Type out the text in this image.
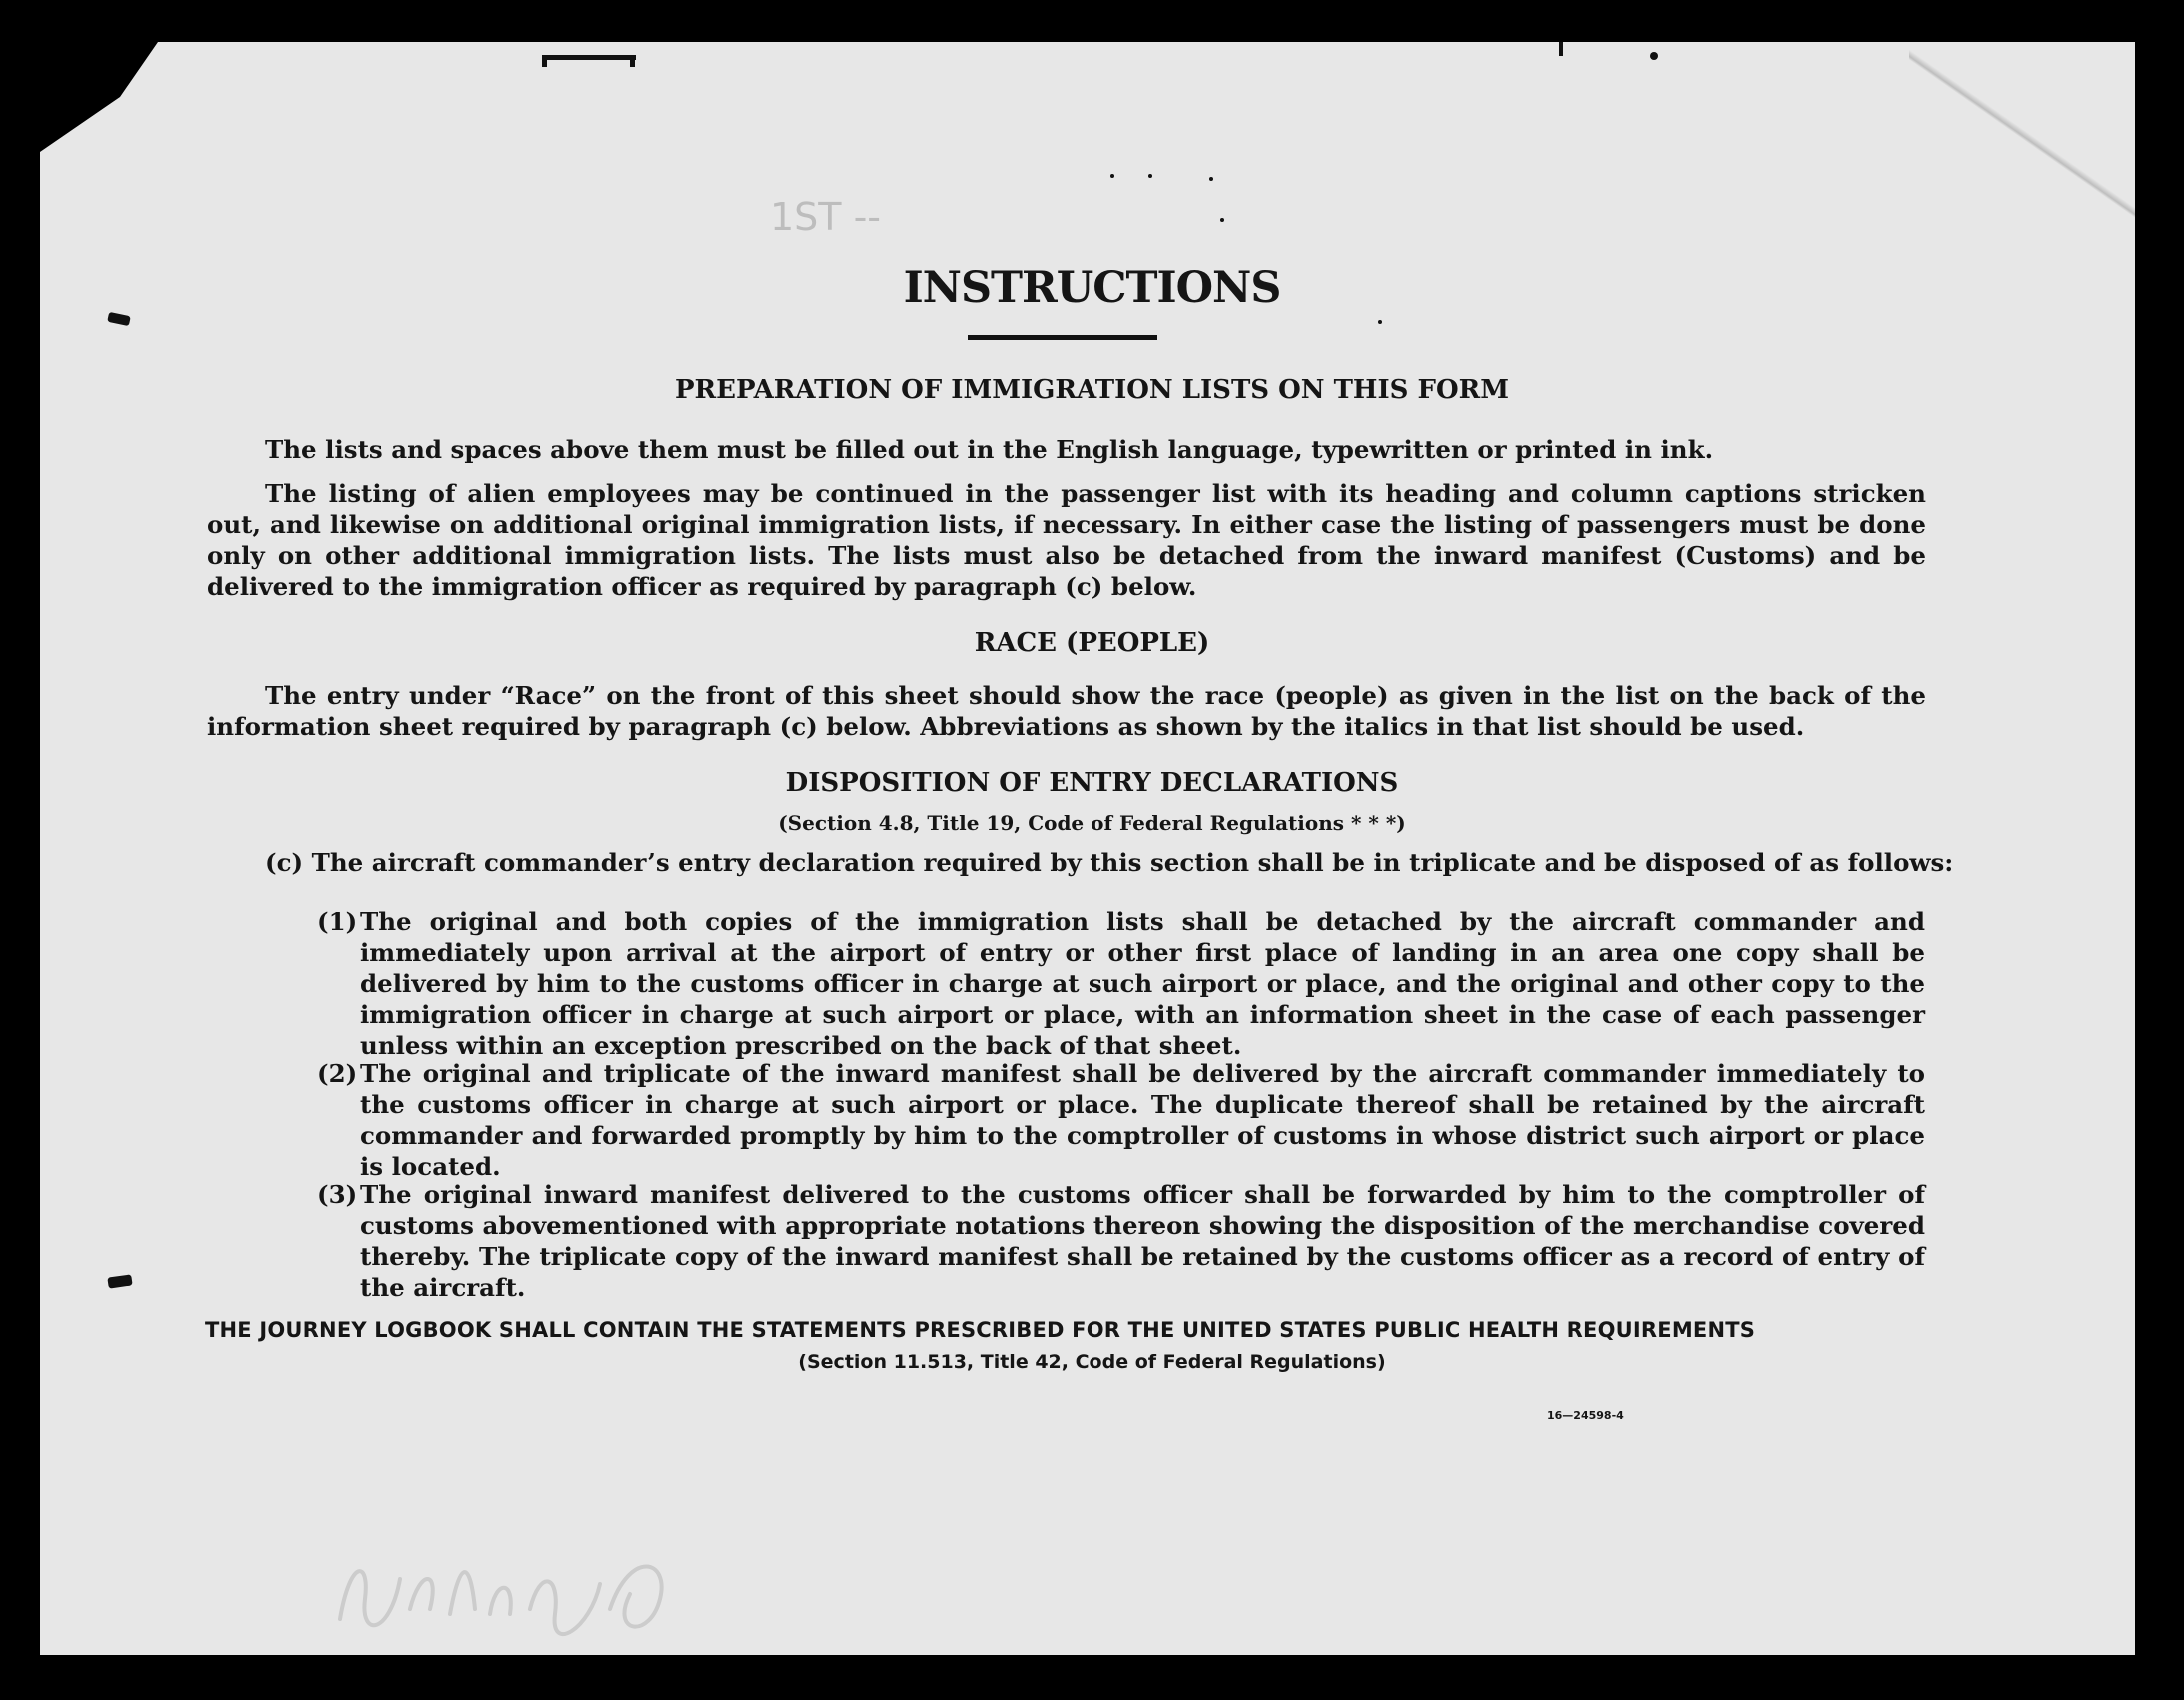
1ST --
INSTRUCTIONS
PREPARATION OF IMMIGRATION LISTS ON THIS FORM

The lists and spaces above them must be filled out in the English language, typewritten or printed in ink.

The listing of alien employees may be continued in the passenger list with its heading and column captions stricken out, and likewise on additional original immigration lists, if necessary. In either case the listing of passengers must be done only on other additional immigration lists. The lists must also be detached from the inward manifest (Customs) and be delivered to the immigration officer as required by paragraph (c) below.

RACE (PEOPLE)

The entry under “Race” on the front of this sheet should show the race (people) as given in the list on the back of the information sheet required by paragraph (c) below. Abbreviations as shown by the italics in that list should be used.

DISPOSITION OF ENTRY DECLARATIONS
(Section 4.8, Title 19, Code of Federal Regulations * * *)

(c) The aircraft commander’s entry declaration required by this section shall be in triplicate and be disposed of as follows:

(1) The original and both copies of the immigration lists shall be detached by the aircraft commander and immediately upon arrival at the airport of entry or other first place of landing in an area one copy shall be delivered by him to the customs officer in charge at such airport or place, and the original and other copy to the immigration officer in charge at such airport or place, with an information sheet in the case of each passenger unless within an exception prescribed on the back of that sheet.
(2) The original and triplicate of the inward manifest shall be delivered by the aircraft commander immediately to the customs officer in charge at such airport or place. The duplicate thereof shall be retained by the aircraft commander and forwarded promptly by him to the comptroller of customs in whose district such airport or place is located.
(3) The original inward manifest delivered to the customs officer shall be forwarded by him to the comptroller of customs abovementioned with appropriate notations thereon showing the disposition of the merchandise covered thereby. The triplicate copy of the inward manifest shall be retained by the customs officer as a record of entry of the aircraft.
THE JOURNEY LOGBOOK SHALL CONTAIN THE STATEMENTS PRESCRIBED FOR THE UNITED STATES PUBLIC HEALTH REQUIREMENTS
(Section 11.513, Title 42, Code of Federal Regulations)
16—24598-4
